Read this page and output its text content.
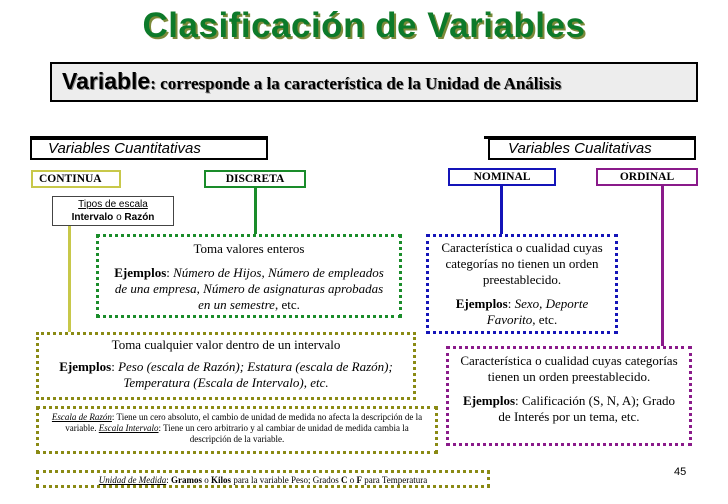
Clasificación de Variables
Variable: corresponde a la característica de la Unidad de Análisis
Variables Cuantitativas	Variables Cualitativas
CONTINUA	DISCRETA	NOMINAL	ORDINAL
Tipos de escala
Intervalo o Razón
Toma valores enteros
Ejemplos: Número de Hijos, Número de empleados de una empresa, Número de asignaturas aprobadas en un semestre, etc.
Característica o cualidad cuyas categorías no tienen un orden preestablecido.
Ejemplos: Sexo, Deporte Favorito, etc.
Toma cualquier valor dentro de un intervalo
Ejemplos: Peso (escala de Razón); Estatura (escala de Razón); Temperatura (Escala de Intervalo), etc.
Característica o cualidad cuyas categorías tienen un orden preestablecido.
Ejemplos: Calificación (S, N, A); Grado de Interés por un tema, etc.
Escala de Razón: Tiene un cero absoluto, el cambio de unidad de medida no afecta la descripción de la variable. Escala Intervalo: Tiene un cero arbitrario y al cambiar de unidad de medida cambia la descripción de la variable.
Unidad de Medida: Gramos o Kilos para la variable Peso; Grados C o F para Temperatura
45
